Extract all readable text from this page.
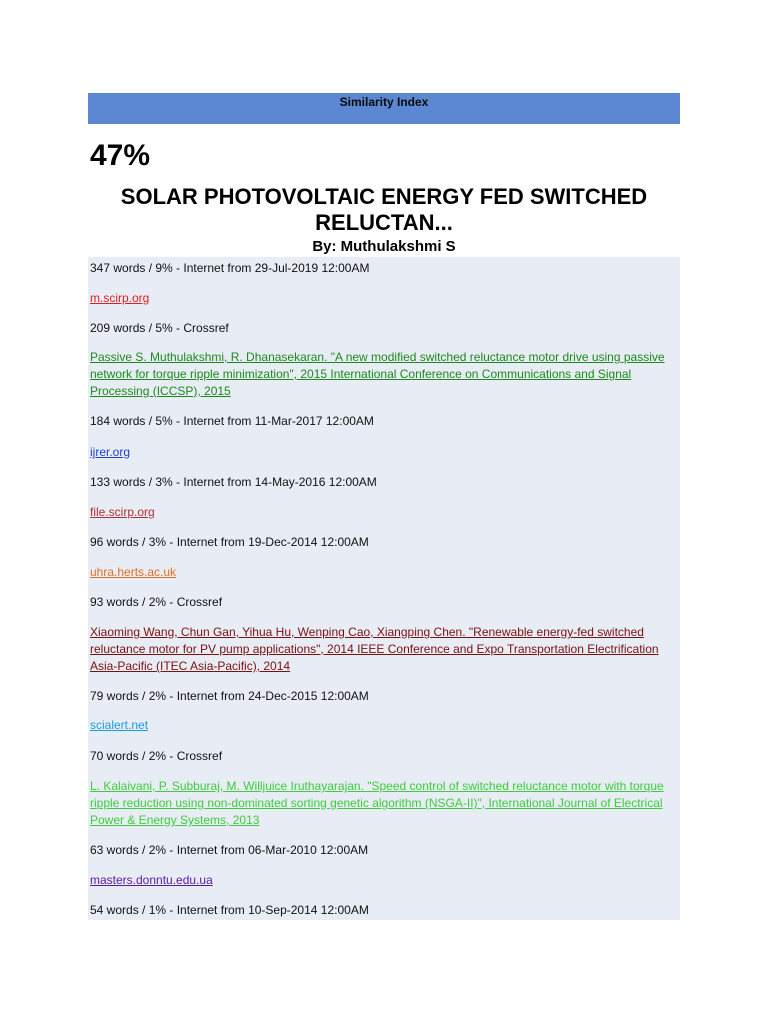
Similarity Index
47%
SOLAR PHOTOVOLTAIC ENERGY FED SWITCHED RELUCTAN...
By: Muthulakshmi S
347 words / 9% - Internet from 29-Jul-2019 12:00AM
m.scirp.org
209 words / 5% - Crossref
Passive S. Muthulakshmi, R. Dhanasekaran. "A new modified switched reluctance motor drive using passive network for torque ripple minimization", 2015 International Conference on Communications and Signal Processing (ICCSP), 2015
184 words / 5% - Internet from 11-Mar-2017 12:00AM
ijrer.org
133 words / 3% - Internet from 14-May-2016 12:00AM
file.scirp.org
96 words / 3% - Internet from 19-Dec-2014 12:00AM
uhra.herts.ac.uk
93 words / 2% - Crossref
Xiaoming Wang, Chun Gan, Yihua Hu, Wenping Cao, Xiangping Chen. "Renewable energy-fed switched reluctance motor for PV pump applications", 2014 IEEE Conference and Expo Transportation Electrification Asia-Pacific (ITEC Asia-Pacific), 2014
79 words / 2% - Internet from 24-Dec-2015 12:00AM
scialert.net
70 words / 2% - Crossref
L. Kalaivani, P. Subburaj, M. Willjuice Iruthayarajan. "Speed control of switched reluctance motor with torque ripple reduction using non-dominated sorting genetic algorithm (NSGA-II)", International Journal of Electrical Power & Energy Systems, 2013
63 words / 2% - Internet from 06-Mar-2010 12:00AM
masters.donntu.edu.ua
54 words / 1% - Internet from 10-Sep-2014 12:00AM
